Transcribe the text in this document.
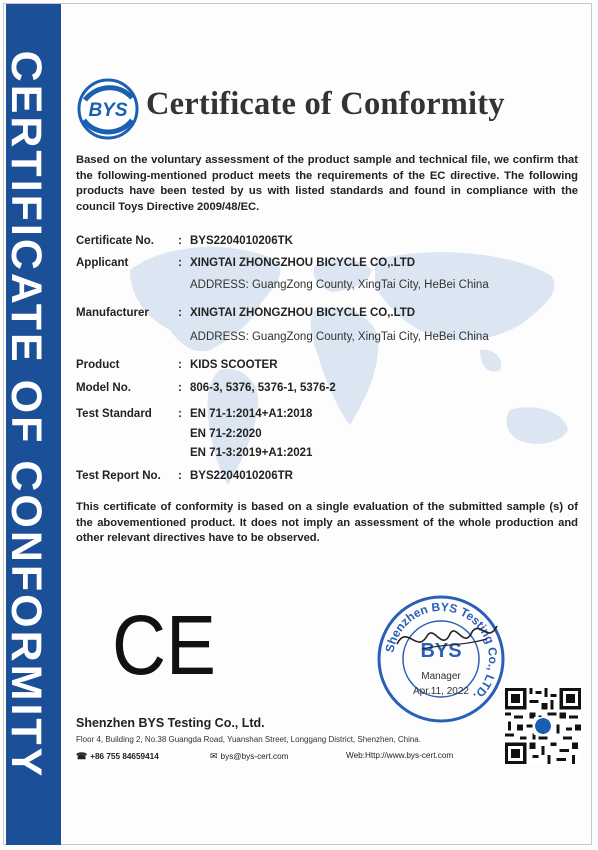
CERTIFICATE OF CONFORMITY BYS Certificate of Conformity
Based on the voluntary assessment of the product sample and technical file, we confirm that the following-mentioned product meets the requirements of the EC directive. The following products have been tested by us with listed standards and found in compliance with the council Toys Directive 2009/48/EC.
Certificate No. : BYS2204010206TK
Applicant	: XINGTAI ZHONGZHOU BICYCLE CO,.LTD
ADDRESS: GuangZong County, XingTai City, HeBei China
Manufacturer	: XINGTAI ZHONGZHOU BICYCLE CO,.LTD
ADDRESS: GuangZong County, XingTai City, HeBei China
Product	: KIDS SCOOTER
Model No.	: 806-3, 5376, 5376-1, 5376-2
Test Standard : EN 71-1:2014+A1:2018
EN 71-2:2020
EN 71-3:2019+A1:2021
Test Report No. : BYS2204010206TR
This certificate of conformity is based on a single evaluation of the submitted sample (s) of the abovementioned product. It does not imply an assessment of the whole production and other relevant directives have to be observed.
CE	Shenzhen BYS Testing Co., LTD.
BYS
Manager
Apr.11, 2022
Shenzhen BYS Testing Co., Ltd.
Floor 4, Building 2, No.38 Guangda Road, Yuanshan Street, Longgang District, Shenzhen, China.
☎ +86 755 84659414	✉ bys@bys-cert.com	Web:Http://www.bys-cert.com
